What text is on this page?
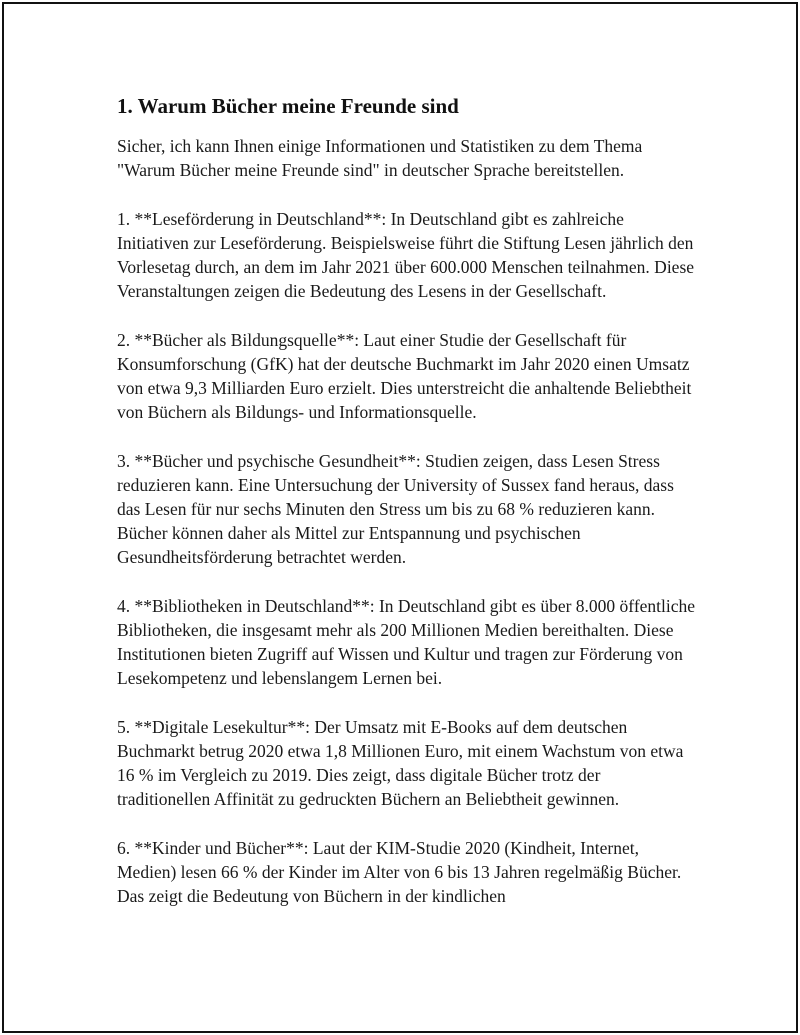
1. Warum Bücher meine Freunde sind

Sicher, ich kann Ihnen einige Informationen und Statistiken zu dem Thema "Warum Bücher meine Freunde sind" in deutscher Sprache bereitstellen.

1. **Leseförderung in Deutschland**: In Deutschland gibt es zahlreiche Initiativen zur Leseförderung. Beispielsweise führt die Stiftung Lesen jährlich den Vorlesetag durch, an dem im Jahr 2021 über 600.000 Menschen teilnahmen. Diese Veranstaltungen zeigen die Bedeutung des Lesens in der Gesellschaft.

2. **Bücher als Bildungsquelle**: Laut einer Studie der Gesellschaft für Konsumforschung (GfK) hat der deutsche Buchmarkt im Jahr 2020 einen Umsatz von etwa 9,3 Milliarden Euro erzielt. Dies unterstreicht die anhaltende Beliebtheit von Büchern als Bildungs- und Informationsquelle.

3. **Bücher und psychische Gesundheit**: Studien zeigen, dass Lesen Stress reduzieren kann. Eine Untersuchung der University of Sussex fand heraus, dass das Lesen für nur sechs Minuten den Stress um bis zu 68 % reduzieren kann. Bücher können daher als Mittel zur Entspannung und psychischen Gesundheitsförderung betrachtet werden.

4. **Bibliotheken in Deutschland**: In Deutschland gibt es über 8.000 öffentliche Bibliotheken, die insgesamt mehr als 200 Millionen Medien bereithalten. Diese Institutionen bieten Zugriff auf Wissen und Kultur und tragen zur Förderung von Lesekompetenz und lebenslangem Lernen bei.

5. **Digitale Lesekultur**: Der Umsatz mit E-Books auf dem deutschen Buchmarkt betrug 2020 etwa 1,8 Millionen Euro, mit einem Wachstum von etwa 16 % im Vergleich zu 2019. Dies zeigt, dass digitale Bücher trotz der traditionellen Affinität zu gedruckten Büchern an Beliebtheit gewinnen.

6. **Kinder und Bücher**: Laut der KIM-Studie 2020 (Kindheit, Internet, Medien) lesen 66 % der Kinder im Alter von 6 bis 13 Jahren regelmäßig Bücher. Das zeigt die Bedeutung von Büchern in der kindlichen
